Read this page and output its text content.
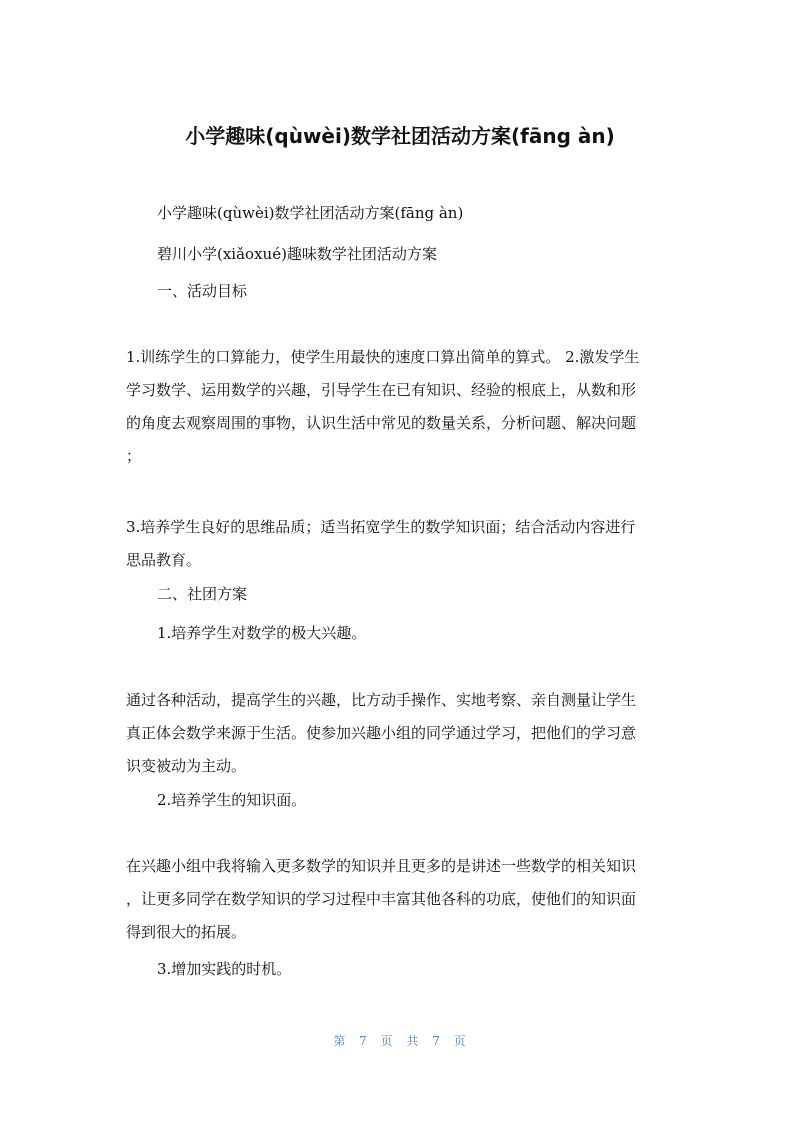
小学趣味(qùwèi)数学社团活动方案(fāng àn)
小学趣味(qùwèi)数学社团活动方案(fāng àn)
碧川小学(xiǎoxué)趣味数学社团活动方案
一、活动目标
1.训练学生的口算能力，使学生用最快的速度口算出简单的算式。 2.激发学生
学习数学、运用数学的兴趣，引导学生在已有知识、经验的根底上，从数和形
的角度去观察周围的事物，认识生活中常见的数量关系，分析问题、解决问题
；
3.培养学生良好的思维品质；适当拓宽学生的数学知识面；结合活动内容进行
思品教育。
二、社团方案
1.培养学生对数学的极大兴趣。
通过各种活动，提高学生的兴趣，比方动手操作、实地考察、亲自测量让学生
真正体会数学来源于生活。使参加兴趣小组的同学通过学习，把他们的学习意
识变被动为主动。
2.培养学生的知识面。
在兴趣小组中我将输入更多数学的知识并且更多的是讲述一些数学的相关知识
，让更多同学在数学知识的学习过程中丰富其他各科的功底，使他们的知识面
得到很大的拓展。
3.增加实践的时机。
第 7 页 共 7 页
